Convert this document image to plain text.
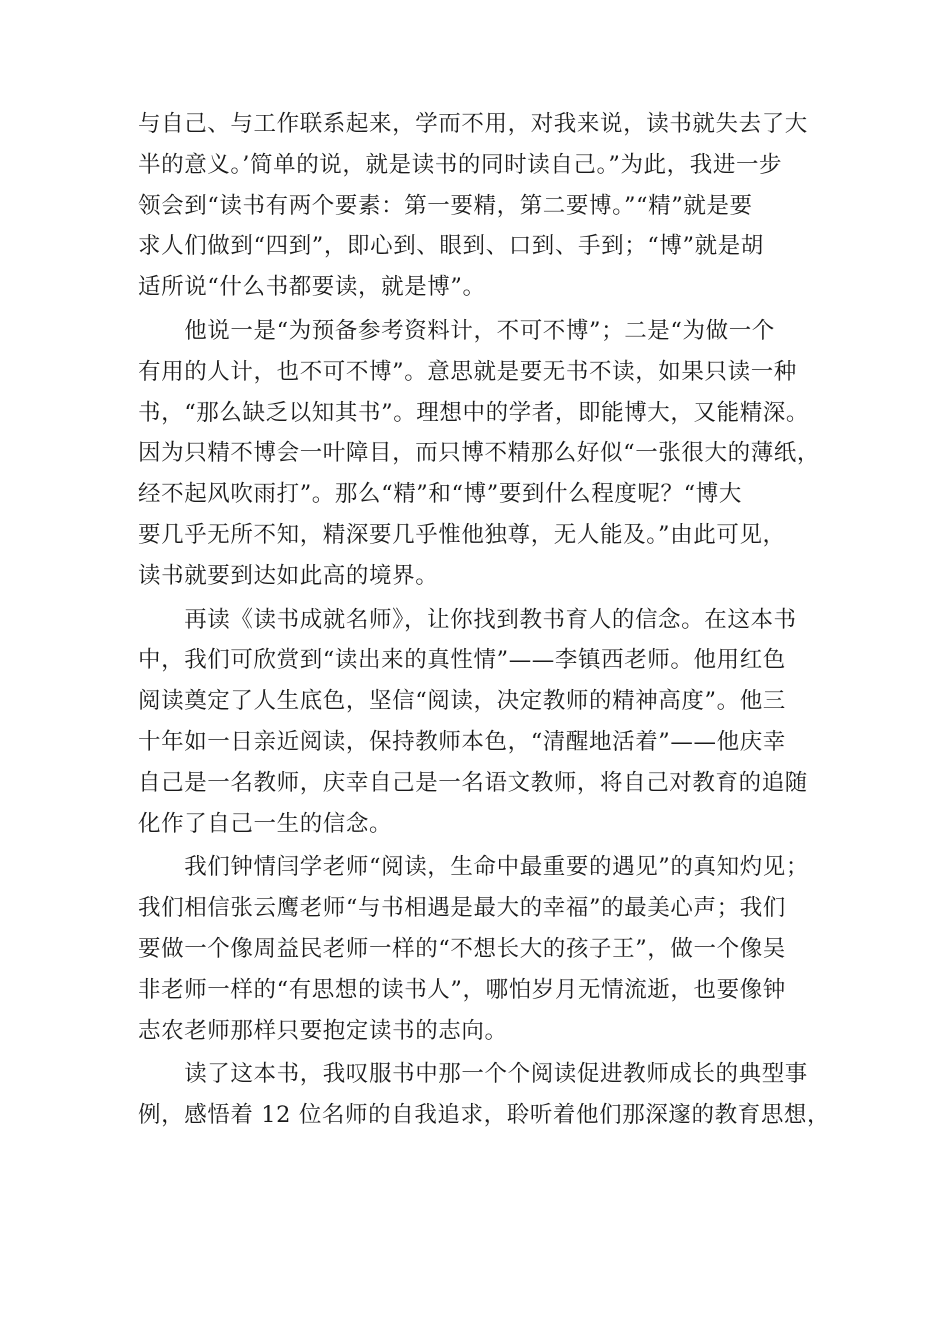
与自己、与工作联系起来，学而不用，对我来说，读书就失去了大
半的意义。’简单的说，就是读书的同时读自己。”为此，我进一步
领会到“读书有两个要素：第一要精，第二要博。”“精”就是要
求人们做到“四到”，即心到、眼到、口到、手到；“博”就是胡
适所说“什么书都要读，就是博”。

　　他说一是“为预备参考资料计，不可不博”；二是“为做一个
有用的人计，也不可不博”。意思就是要无书不读，如果只读一种
书，“那么缺乏以知其书”。理想中的学者，即能博大，又能精深。
因为只精不博会一叶障目，而只博不精那么好似“一张很大的薄纸，
经不起风吹雨打”。那么“精”和“博”要到什么程度呢？“博大
要几乎无所不知，精深要几乎惟他独尊，无人能及。”由此可见，
读书就要到达如此高的境界。

　　再读《读书成就名师》，让你找到教书育人的信念。在这本书
中，我们可欣赏到“读出来的真性情”——李镇西老师。他用红色
阅读奠定了人生底色，坚信“阅读，决定教师的精神高度”。他三
十年如一日亲近阅读，保持教师本色，“清醒地活着”——他庆幸
自己是一名教师，庆幸自己是一名语文教师，将自己对教育的追随
化作了自己一生的信念。

　　我们钟情闫学老师“阅读，生命中最重要的遇见”的真知灼见；
我们相信张云鹰老师“与书相遇是最大的幸福”的最美心声；我们
要做一个像周益民老师一样的“不想长大的孩子王”，做一个像吴
非老师一样的“有思想的读书人”，哪怕岁月无情流逝，也要像钟
志农老师那样只要抱定读书的志向。

　　读了这本书，我叹服书中那一个个阅读促进教师成长的典型事
例，感悟着 12 位名师的自我追求，聆听着他们那深邃的教育思想，
